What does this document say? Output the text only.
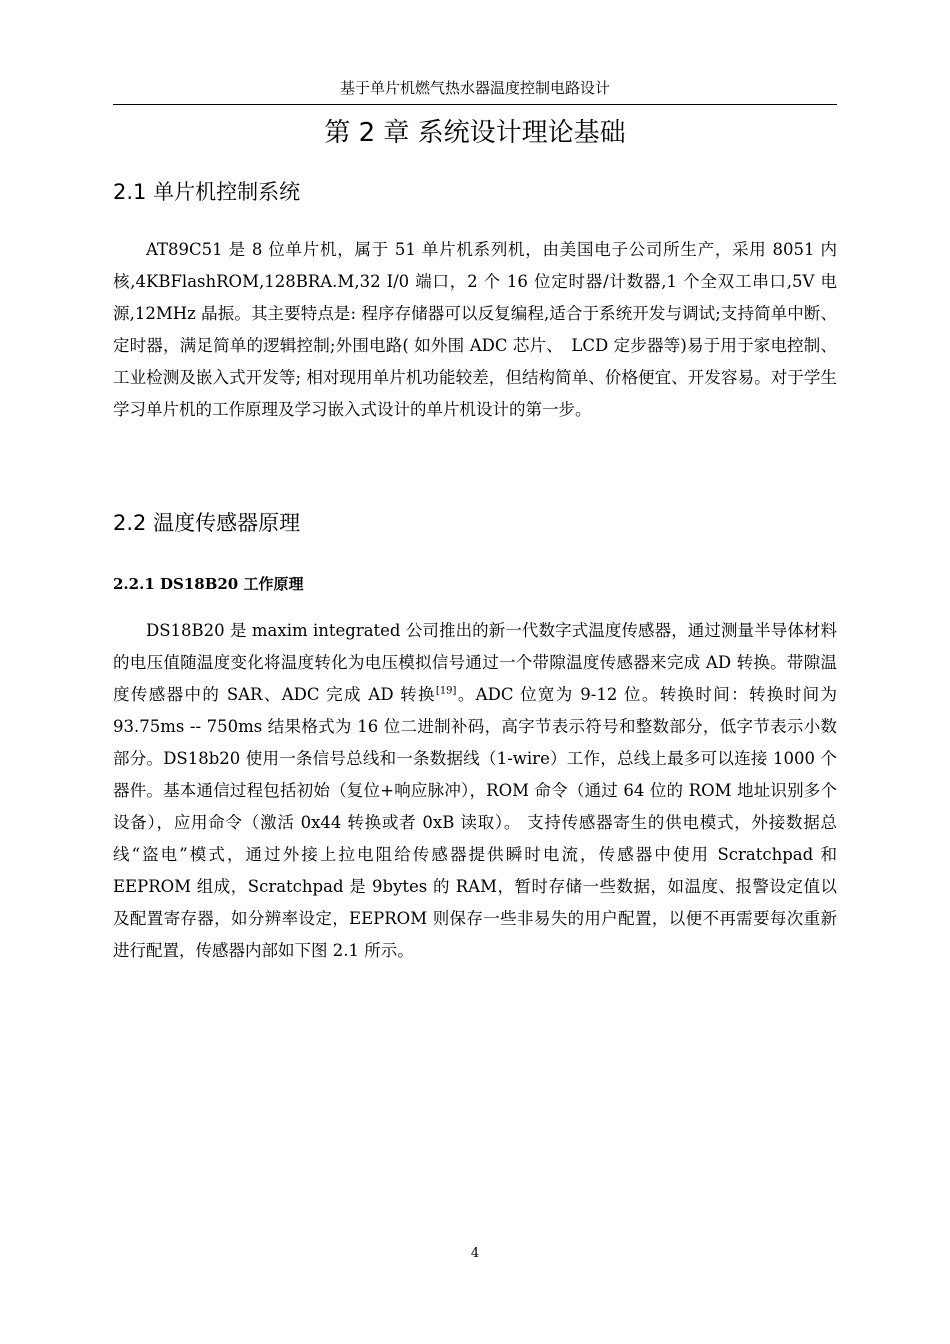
基于单片机燃气热水器温度控制电路设计
第 2 章 系统设计理论基础
2.1 单片机控制系统

AT89C51 是 8 位单片机，属于 51 单片机系列机，由美国电子公司所生产，采用 8051 内核,4KBFlashROM,128BRA.M,32 I/0 端口，2 个 16 位定时器/计数器,1 个全双工串口,5V 电源,12MHz 晶振。其主要特点是: 程序存储器可以反复编程,适合于系统开发与调试;支持简单中断、定时器，满足简单的逻辑控制;外围电路( 如外围 ADC 芯片、　LCD 定步器等)易于用于家电控制、工业检测及嵌入式开发等; 相对现用单片机功能较差，但结构简单、价格便宜、开发容易。对于学生学习单片机的工作原理及学习嵌入式设计的单片机设计的第一步。

2.2 温度传感器原理
2.2.1 DS18B20 工作原理

DS18B20 是 maxim integrated 公司推出的新一代数字式温度传感器，通过测量半导体材料的电压值随温度变化将温度转化为电压模拟信号通过一个带隙温度传感器来完成 AD 转换。带隙温度传感器中的 SAR、ADC 完成 AD 转换[19]。ADC 位宽为 9-12 位。转换时间：转换时间为 93.75ms -- 750ms 结果格式为 16 位二进制补码，高字节表示符号和整数部分，低字节表示小数部分。DS18b20 使用一条信号总线和一条数据线（1-wire）工作，总线上最多可以连接 1000 个器件。基本通信过程包括初始（复位+响应脉冲），ROM 命令（通过 64 位的 ROM 地址识别多个设备），应用命令（激活 0x44 转换或者 0xB 读取）。 支持传感器寄生的供电模式，外接数据总线“盗电”模式，通过外接上拉电阻给传感器提供瞬时电流，传感器中使用 Scratchpad 和 EEPROM 组成，Scratchpad 是 9bytes 的 RAM，暂时存储一些数据，如温度、报警设定值以及配置寄存器，如分辨率设定，EEPROM 则保存一些非易失的用户配置，以便不再需要每次重新进行配置，传感器内部如下图 2.1 所示。

4
